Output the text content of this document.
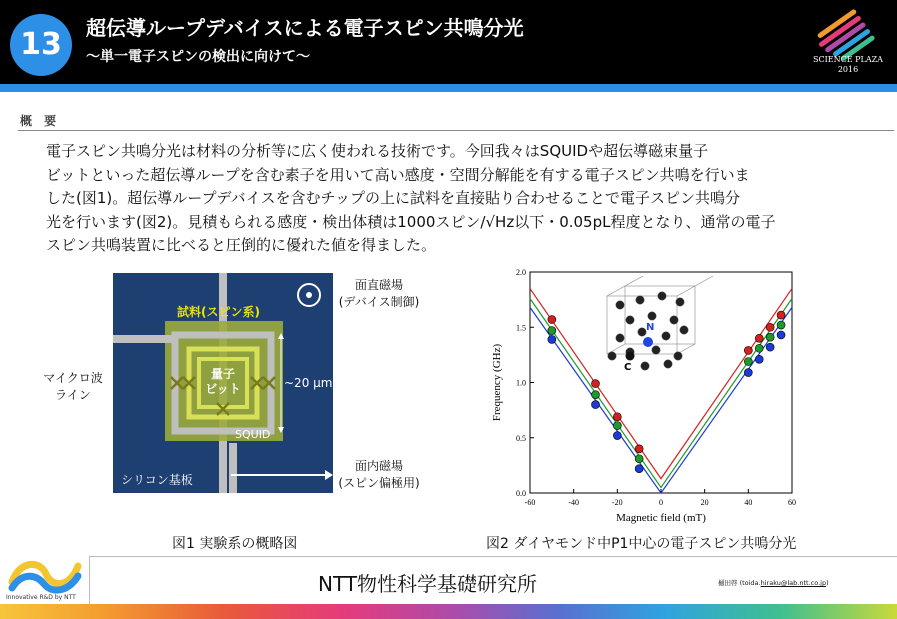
13	超伝導ループデバイスによる電子スピン共鳴分光
～単一電子スピンの検出に向けて～	SCIENCE PLAZA
2016
概 要
電子スピン共鳴分光は材料の分析等に広く使われる技術です。今回我々はSQUIDや超伝導磁束量子
ビットといった超伝導ループを含む素子を用いて高い感度・空間分解能を有する電子スピン共鳴を行いま
した(図1)。超伝導ループデバイスを含むチップの上に試料を直接貼り合わせることで電子スピン共鳴分
光を行います(図2)。見積もられる感度・検出体積は1000スピン/√Hz以下・0.05pL程度となり、通常の電子
スピン共鳴装置に比べると圧倒的に優れた値を得ました。
試料(スピン系)
量子
ビット
SQUID
~20 μm
シリコン基板
マイクロ波
ライン
面直磁場
(デバイス制御)
面内磁場
(スピン偏極用)
図1 実験系の概略図
-60	-40	-20	0	20	40	60
0.0
0.5
1.0
1.5
2.0
Magnetic field (mT)
Frequency (GHz)
N
C
図2 ダイヤモンド中P1中心の電子スピン共鳴分光
Innovative R&D by NTT
NTT物性科学基礎研究所	樋田啓 (toida.hiraku@lab.ntt.co.jp)
